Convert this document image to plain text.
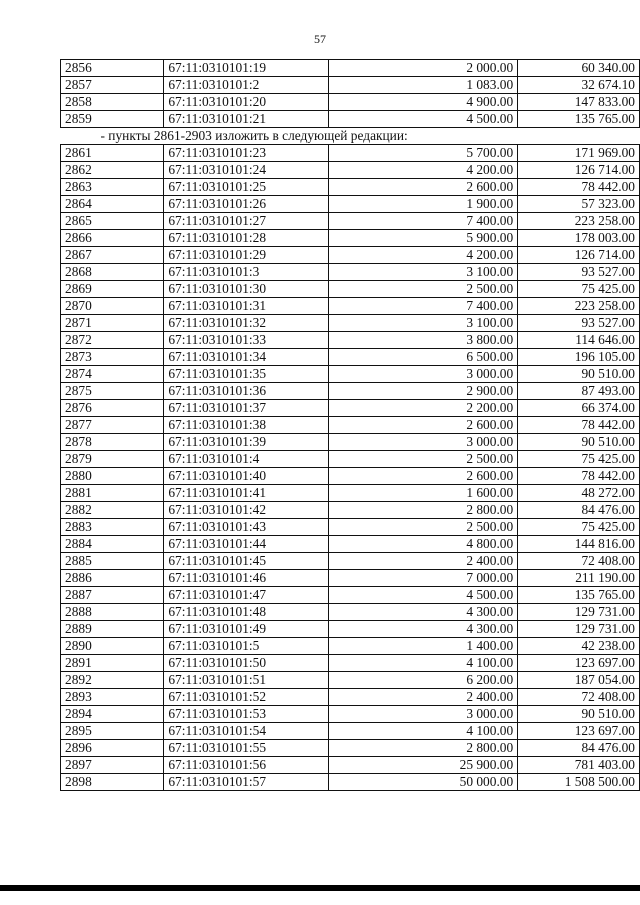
57
2856	67:11:0310101:19	2 000.00	60 340.00
2857	67:11:0310101:2	1 083.00	32 674.10
2858	67:11:0310101:20	4 900.00	147 833.00
2859	67:11:0310101:21	4 500.00	135 765.00
- пункты 2861-2903 изложить в следующей редакции:			
2861	67:11:0310101:23	5 700.00	171 969.00
2862	67:11:0310101:24	4 200.00	126 714.00
2863	67:11:0310101:25	2 600.00	78 442.00
2864	67:11:0310101:26	1 900.00	57 323.00
2865	67:11:0310101:27	7 400.00	223 258.00
2866	67:11:0310101:28	5 900.00	178 003.00
2867	67:11:0310101:29	4 200.00	126 714.00
2868	67:11:0310101:3	3 100.00	93 527.00
2869	67:11:0310101:30	2 500.00	75 425.00
2870	67:11:0310101:31	7 400.00	223 258.00
2871	67:11:0310101:32	3 100.00	93 527.00
2872	67:11:0310101:33	3 800.00	114 646.00
2873	67:11:0310101:34	6 500.00	196 105.00
2874	67:11:0310101:35	3 000.00	90 510.00
2875	67:11:0310101:36	2 900.00	87 493.00
2876	67:11:0310101:37	2 200.00	66 374.00
2877	67:11:0310101:38	2 600.00	78 442.00
2878	67:11:0310101:39	3 000.00	90 510.00
2879	67:11:0310101:4	2 500.00	75 425.00
2880	67:11:0310101:40	2 600.00	78 442.00
2881	67:11:0310101:41	1 600.00	48 272.00
2882	67:11:0310101:42	2 800.00	84 476.00
2883	67:11:0310101:43	2 500.00	75 425.00
2884	67:11:0310101:44	4 800.00	144 816.00
2885	67:11:0310101:45	2 400.00	72 408.00
2886	67:11:0310101:46	7 000.00	211 190.00
2887	67:11:0310101:47	4 500.00	135 765.00
2888	67:11:0310101:48	4 300.00	129 731.00
2889	67:11:0310101:49	4 300.00	129 731.00
2890	67:11:0310101:5	1 400.00	42 238.00
2891	67:11:0310101:50	4 100.00	123 697.00
2892	67:11:0310101:51	6 200.00	187 054.00
2893	67:11:0310101:52	2 400.00	72 408.00
2894	67:11:0310101:53	3 000.00	90 510.00
2895	67:11:0310101:54	4 100.00	123 697.00
2896	67:11:0310101:55	2 800.00	84 476.00
2897	67:11:0310101:56	25 900.00	781 403.00
2898	67:11:0310101:57	50 000.00	1 508 500.00
